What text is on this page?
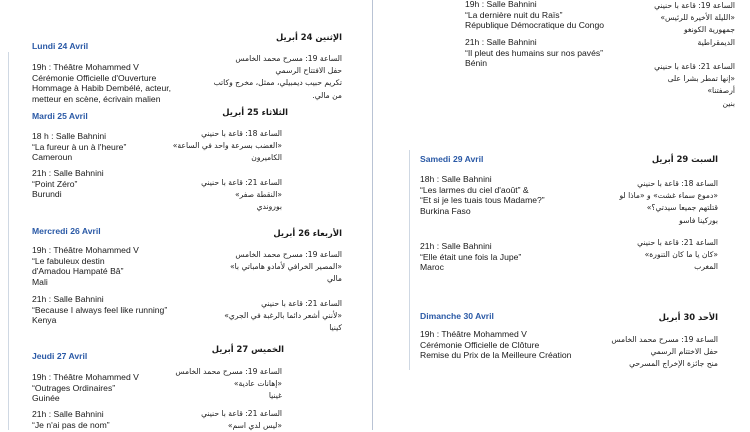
الإثنين 24 أبريل
Lundi 24 Avril
19h : Théâtre Mohammed V
Cérémonie Officielle d'Ouverture
Hommage à Habib Dembélé, acteur,
metteur en scène, écrivain malien
الساعة 19: مسرح محمد الخامس
حفل الافتتاح الرسمي
تكريم حبيب ديمبيلي، ممثل، مخرج وكاتب
من مالي.
الثلاثاء 25 أبريل
Mardi 25 Avril
18 h : Salle Bahnini
“La fureur à un à l'heure”
Cameroun
الساعة 18: قاعة با حنيني
«الغضب بسرعة واحد في الساعة»
الكاميرون
21h : Salle Bahnini
“Point Zéro”
Burundi
الساعة 21: قاعة با حنيني
«النقطة صفر»
بوروندي
الأربعاء 26 أبريل
Mercredi 26 Avril
19h : Théâtre Mohammed V
“Le fabuleux destin
d'Amadou Hampaté Bâ”
Mali
الساعة 19: مسرح محمد الخامس
«المصير الخرافي لأمادو هامباتي با»
مالي
21h : Salle Bahnini
“Because I always feel like running”
Kenya
الساعة 21: قاعة با حنيني
«لأنني أشعر دائما بالرغبة في الجري»
كينيا
الخميس 27 أبريل
Jeudi 27 Avril
19h : Théâtre Mohammed V
“Outrages Ordinaires”
Guinée
الساعة 19: مسرح محمد الخامس
«إهانات عادية»
غينيا
21h : Salle Bahnini
“Je n'ai pas de nom”
الساعة 21: قاعة با حنيني
«ليس لدي اسم»
19h : Salle Bahnini
“La dernière nuit du Raïs”
République Démocratique du Congo
الساعة 19: قاعة با حنيني
«الليلة الأخيرة للرئيس»
جمهورية الكونغو
الديمقراطية
21h : Salle Bahnini
“Il pleut des humains sur nos pavés”
Bénin	الساعة 21: قاعة با حنيني
«إنها تمطر بشرا على
أرصفتنا»
بنين
السبت 29 أبريل
Samedi 29 Avril
18h : Salle Bahnini
“Les larmes du ciel d'août” &
“Et si je les tuais tous Madame?”
Burkina Faso
الساعة 18: قاعة با حنيني
«دموع سماء غشت» و «ماذا لو
قتلتهم جميعا سيدتي؟»
بوركينا فاسو
21h : Salle Bahnini
“Elle était une fois la Jupe”
Maroc
الساعة 21: قاعة با حنيني
«كان يا ما كان التنورة»
المغرب
الأحد 30 أبريل
Dimanche 30 Avril
19h : Théâtre Mohammed V
Cérémonie Officielle de Clôture
Remise du Prix de la Meilleure Création
الساعة 19: مسرح محمد الخامس
حفل الاختتام الرسمي
منح جائزة الإخراج المسرحي
